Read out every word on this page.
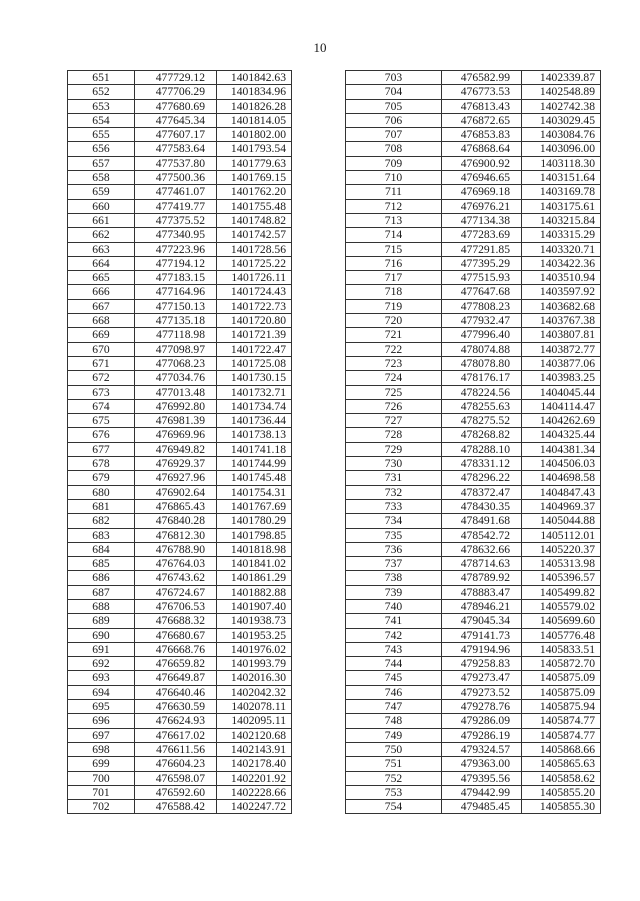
10
651	477729.12	1401842.63
652	477706.29	1401834.96
653	477680.69	1401826.28
654	477645.34	1401814.05
655	477607.17	1401802.00
656	477583.64	1401793.54
657	477537.80	1401779.63
658	477500.36	1401769.15
659	477461.07	1401762.20
660	477419.77	1401755.48
661	477375.52	1401748.82
662	477340.95	1401742.57
663	477223.96	1401728.56
664	477194.12	1401725.22
665	477183.15	1401726.11
666	477164.96	1401724.43
667	477150.13	1401722.73
668	477135.18	1401720.80
669	477118.98	1401721.39
670	477098.97	1401722.47
671	477068.23	1401725.08
672	477034.76	1401730.15
673	477013.48	1401732.71
674	476992.80	1401734.74
675	476981.39	1401736.44
676	476969.96	1401738.13
677	476949.82	1401741.18
678	476929.37	1401744.99
679	476927.96	1401745.48
680	476902.64	1401754.31
681	476865.43	1401767.69
682	476840.28	1401780.29
683	476812.30	1401798.85
684	476788.90	1401818.98
685	476764.03	1401841.02
686	476743.62	1401861.29
687	476724.67	1401882.88
688	476706.53	1401907.40
689	476688.32	1401938.73
690	476680.67	1401953.25
691	476668.76	1401976.02
692	476659.82	1401993.79
693	476649.87	1402016.30
694	476640.46	1402042.32
695	476630.59	1402078.11
696	476624.93	1402095.11
697	476617.02	1402120.68
698	476611.56	1402143.91
699	476604.23	1402178.40
700	476598.07	1402201.92
701	476592.60	1402228.66
702	476588.42	1402247.72
703	476582.99	1402339.87
704	476773.53	1402548.89
705	476813.43	1402742.38
706	476872.65	1403029.45
707	476853.83	1403084.76
708	476868.64	1403096.00
709	476900.92	1403118.30
710	476946.65	1403151.64
711	476969.18	1403169.78
712	476976.21	1403175.61
713	477134.38	1403215.84
714	477283.69	1403315.29
715	477291.85	1403320.71
716	477395.29	1403422.36
717	477515.93	1403510.94
718	477647.68	1403597.92
719	477808.23	1403682.68
720	477932.47	1403767.38
721	477996.40	1403807.81
722	478074.88	1403872.77
723	478078.80	1403877.06
724	478176.17	1403983.25
725	478224.56	1404045.44
726	478255.63	1404114.47
727	478275.52	1404262.69
728	478268.82	1404325.44
729	478288.10	1404381.34
730	478331.12	1404506.03
731	478296.22	1404698.58
732	478372.47	1404847.43
733	478430.35	1404969.37
734	478491.68	1405044.88
735	478542.72	1405112.01
736	478632.66	1405220.37
737	478714.63	1405313.98
738	478789.92	1405396.57
739	478883.47	1405499.82
740	478946.21	1405579.02
741	479045.34	1405699.60
742	479141.73	1405776.48
743	479194.96	1405833.51
744	479258.83	1405872.70
745	479273.47	1405875.09
746	479273.52	1405875.09
747	479278.76	1405875.94
748	479286.09	1405874.77
749	479286.19	1405874.77
750	479324.57	1405868.66
751	479363.00	1405865.63
752	479395.56	1405858.62
753	479442.99	1405855.20
754	479485.45	1405855.30
